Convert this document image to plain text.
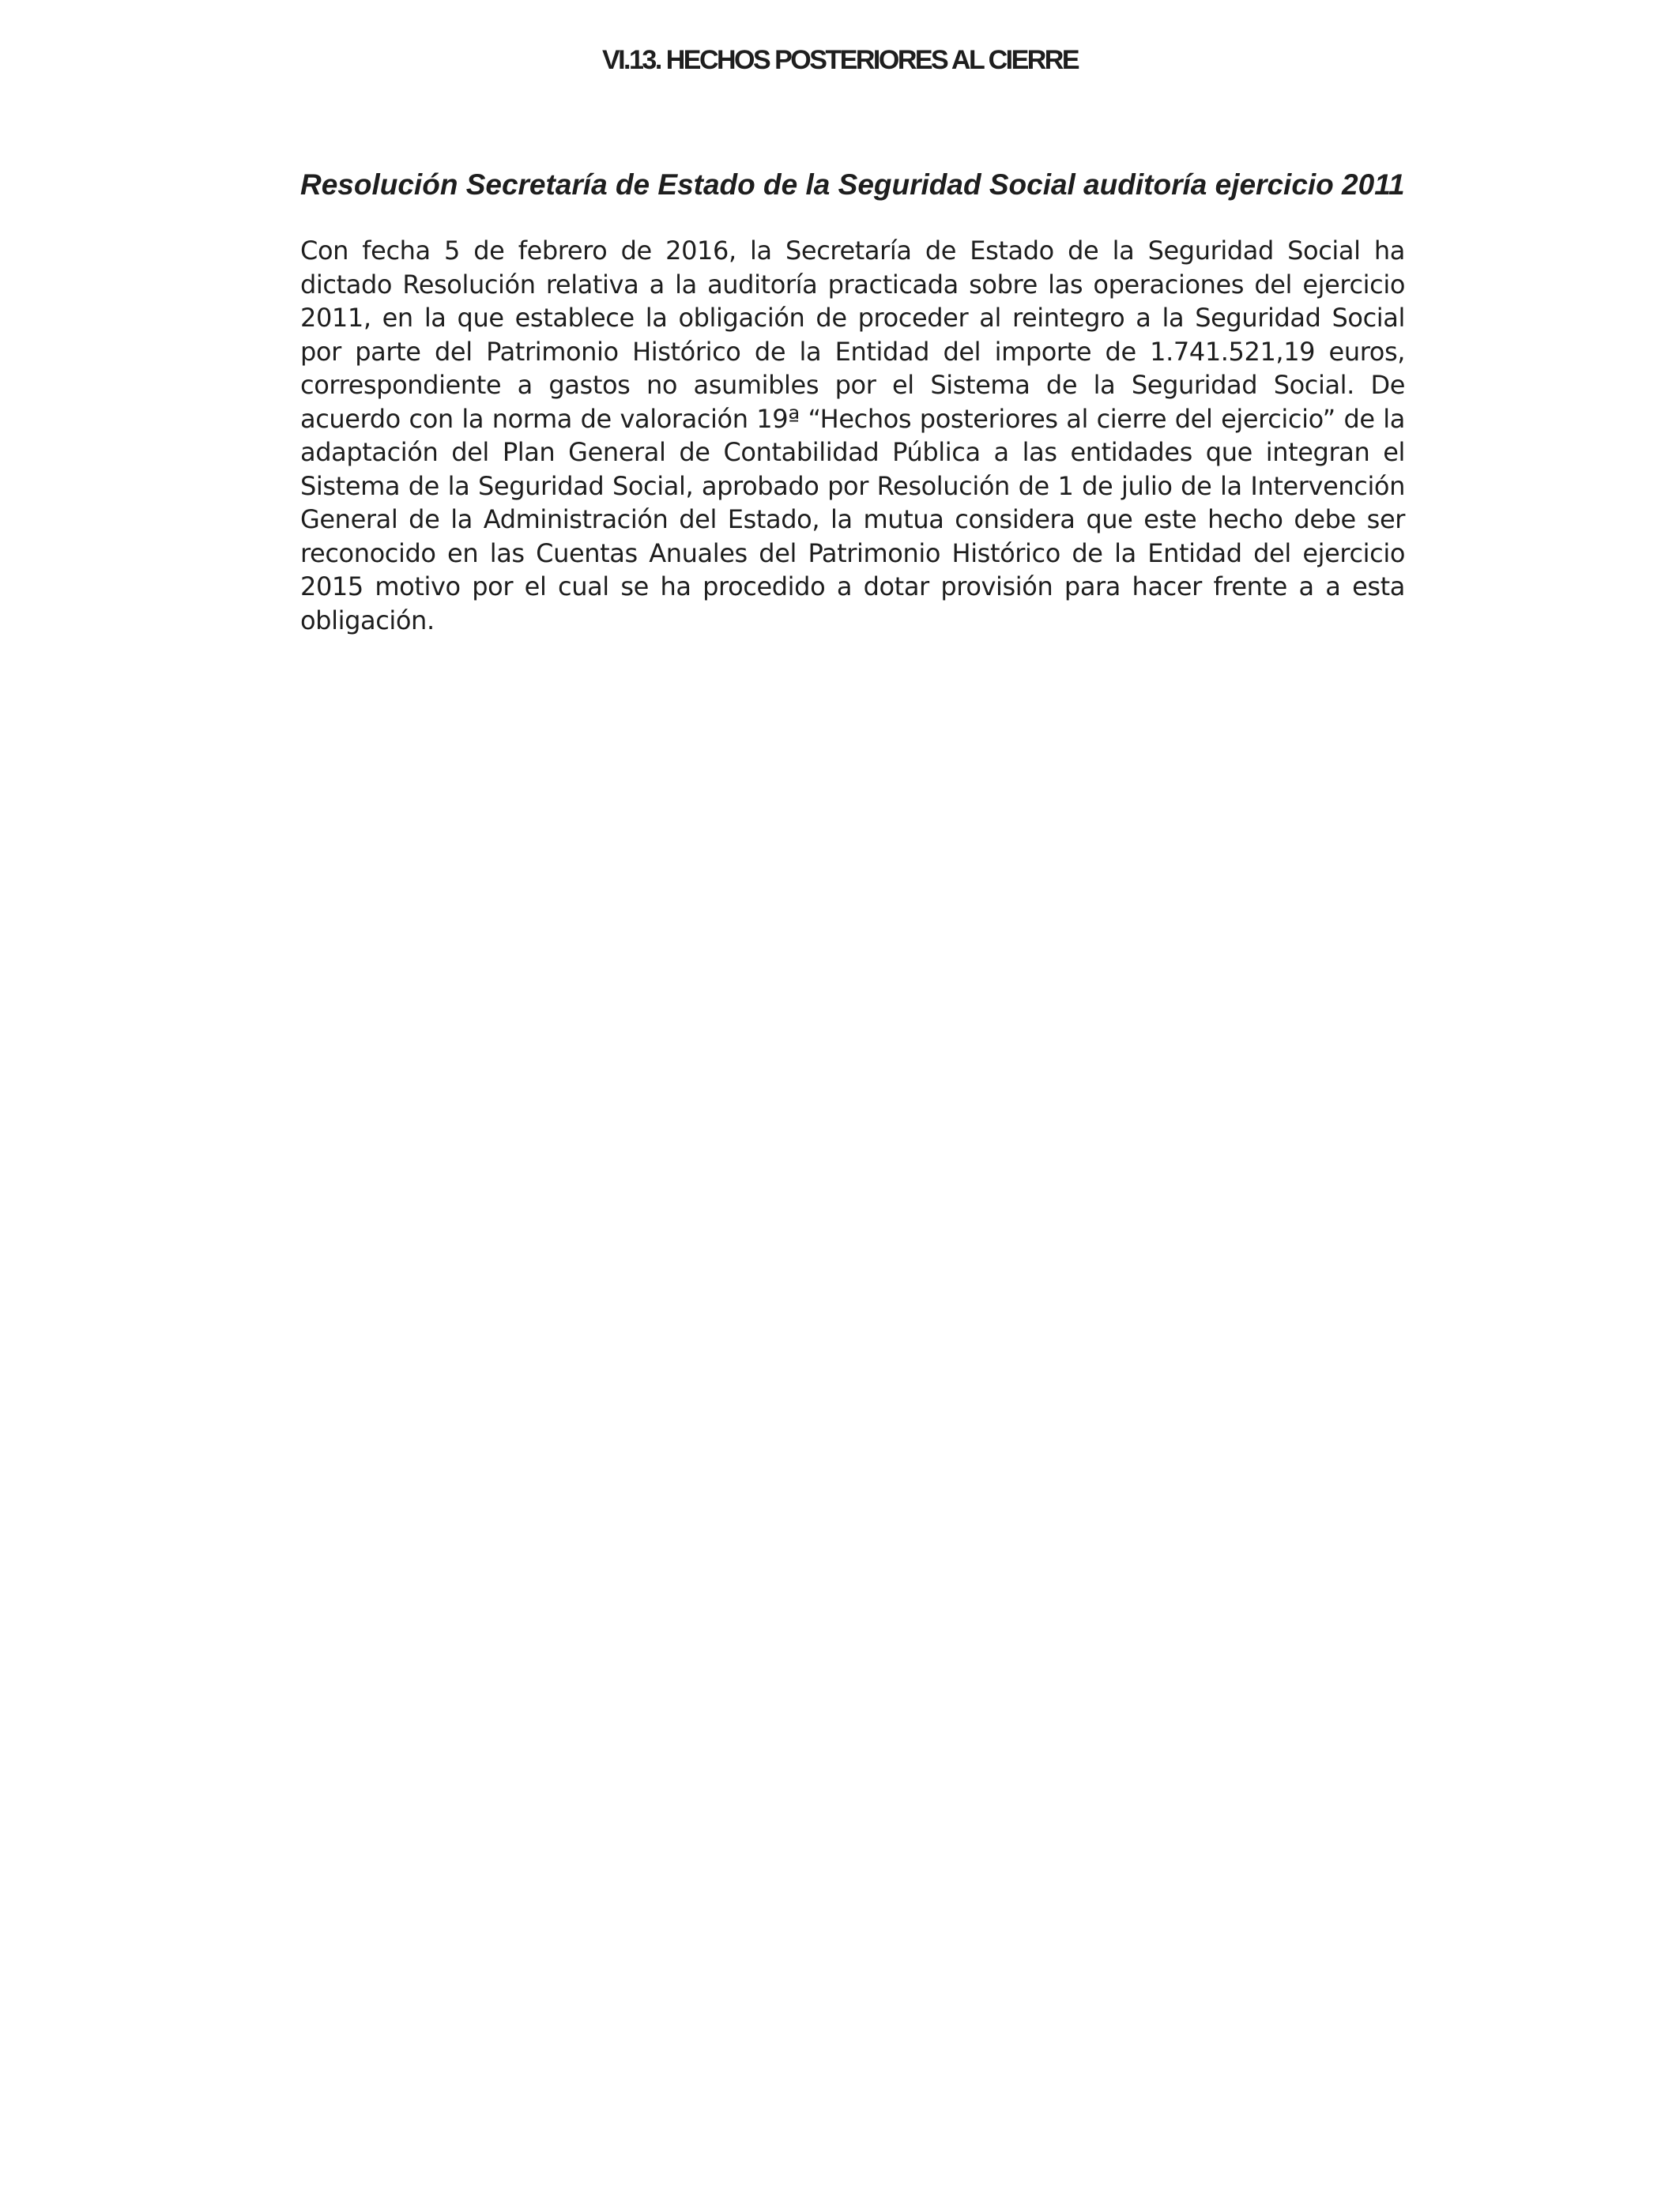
VI.13. HECHOS POSTERIORES AL CIERRE
Resolución Secretaría de Estado de la Seguridad Social auditoría ejercicio 2011

Con fecha 5 de febrero de 2016, la Secretaría de Estado de la Seguridad Social ha dictado Resolución relativa a la auditoría practicada sobre las operaciones del ejercicio 2011, en la que establece la obligación de proceder al reintegro a la Seguridad Social por parte del Patrimonio Histórico de la Entidad del importe de 1.741.521,19 euros, correspondiente a gastos no asumibles por el Sistema de la Seguridad Social. De acuerdo con la norma de valoración 19ª “Hechos posteriores al cierre del ejercicio” de la adaptación del Plan General de Contabilidad Pública a las entidades que integran el Sistema de la Seguridad Social, aprobado por Resolución de 1 de julio de la Intervención General de la Administración del Estado, la mutua considera que este hecho debe ser reconocido en las Cuentas Anuales del Patrimonio Histórico de la Entidad del ejercicio 2015 motivo por el cual se ha procedido a dotar provisión para hacer frente a a esta obligación.
